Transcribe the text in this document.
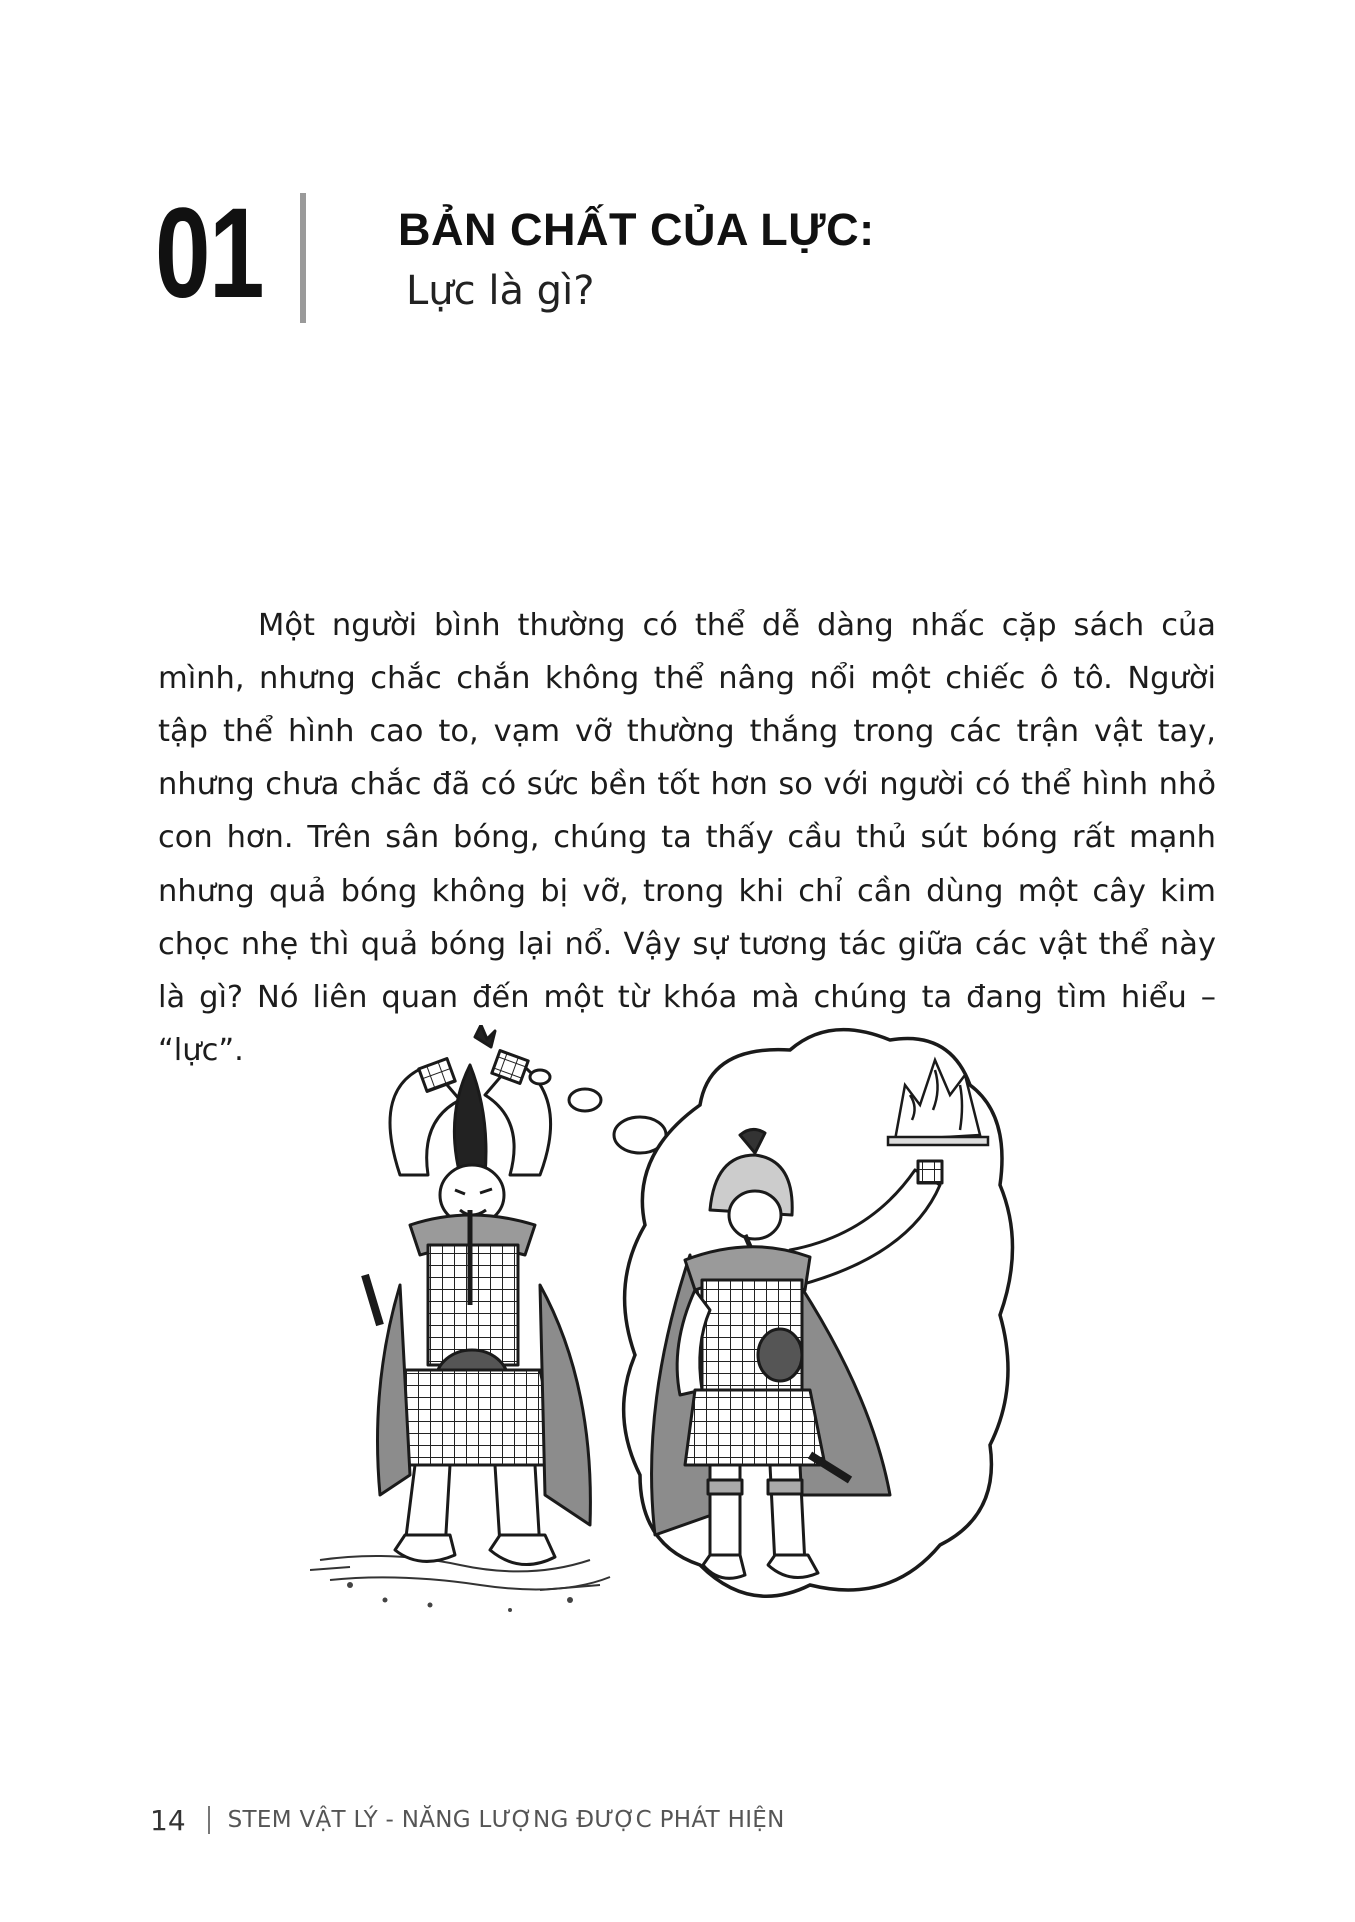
01	BẢN CHẤT CỦA LỰC:
Lực là gì?

Một người bình thường có thể dễ dàng nhấc cặp sách của mình, nhưng chắc chắn không thể nâng nổi một chiếc ô tô. Người tập thể hình cao to, vạm vỡ thường thắng trong các trận vật tay, nhưng chưa chắc đã có sức bền tốt hơn so với người có thể hình nhỏ con hơn. Trên sân bóng, chúng ta thấy cầu thủ sút bóng rất mạnh nhưng quả bóng không bị vỡ, trong khi chỉ cần dùng một cây kim chọc nhẹ thì quả bóng lại nổ. Vậy sự tương tác giữa các vật thể này là gì? Nó liên quan đến một từ khóa mà chúng ta đang tìm hiểu – “lực”.

14 STEM VẬT LÝ - NĂNG LƯỢNG ĐƯỢC PHÁT HIỆN
